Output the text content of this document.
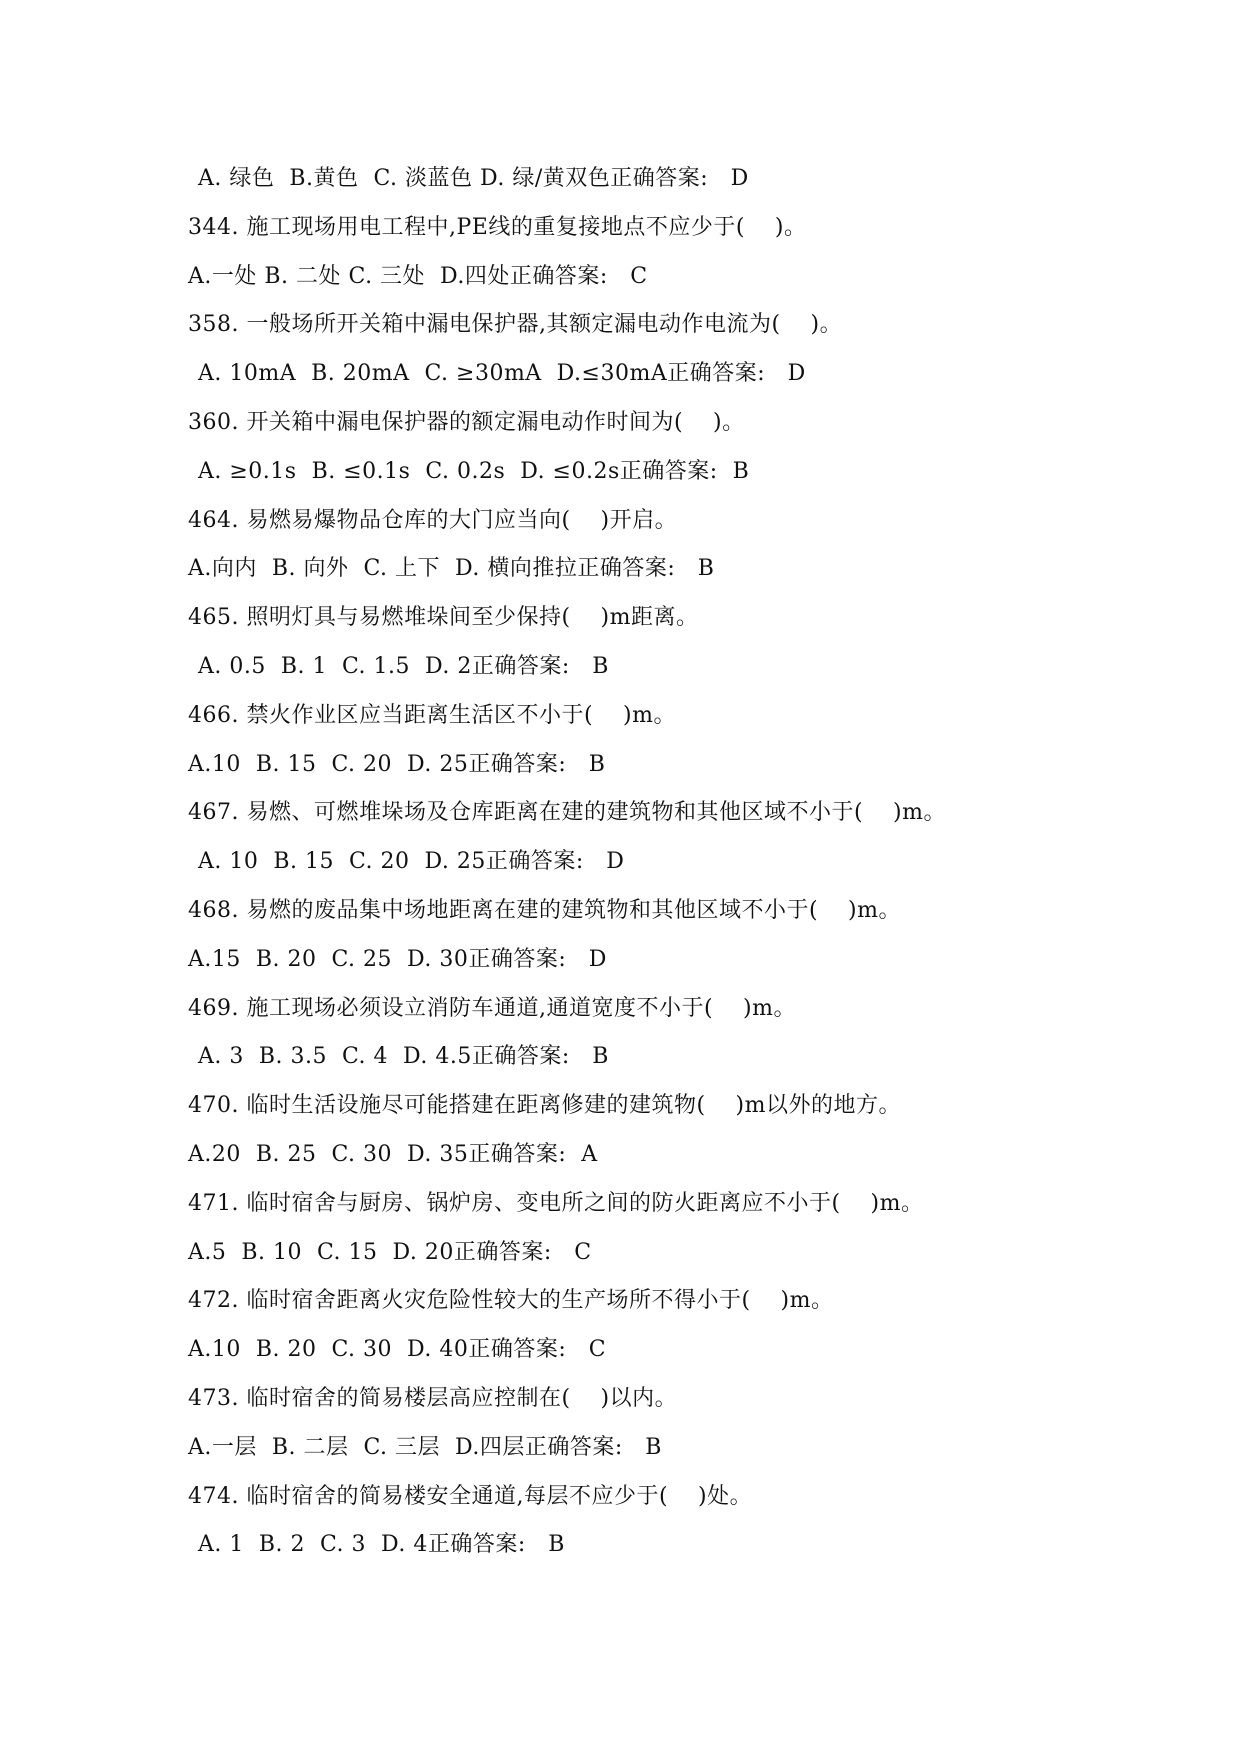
A. 绿色  B.黄色  C. 淡蓝色 D. 绿/黄双色正确答案:   D
344. 施工现场用电工程中,PE线的重复接地点不应少于(    )。
A.一处 B. 二处 C. 三处  D.四处正确答案:   C
358. 一般场所开关箱中漏电保护器,其额定漏电动作电流为(    )。
A. 10mA  B. 20mA  C. ≥30mA  D.≤30mA正确答案:   D
360. 开关箱中漏电保护器的额定漏电动作时间为(    )。
A. ≥0.1s  B. ≤0.1s  C. 0.2s  D. ≤0.2s正确答案:  B
464. 易燃易爆物品仓库的大门应当向(    )开启。
A.向内  B. 向外  C. 上下  D. 横向推拉正确答案:   B
465. 照明灯具与易燃堆垛间至少保持(    )m距离。
A. 0.5  B. 1  C. 1.5  D. 2正确答案:   B
466. 禁火作业区应当距离生活区不小于(    )m。
A.10  B. 15  C. 20  D. 25正确答案:   B
467. 易燃、可燃堆垛场及仓库距离在建的建筑物和其他区域不小于(    )m。
A. 10  B. 15  C. 20  D. 25正确答案:   D
468. 易燃的废品集中场地距离在建的建筑物和其他区域不小于(    )m。
A.15  B. 20  C. 25  D. 30正确答案:   D
469. 施工现场必须设立消防车通道,通道宽度不小于(    )m。
A. 3  B. 3.5  C. 4  D. 4.5正确答案:   B
470. 临时生活设施尽可能搭建在距离修建的建筑物(    )m以外的地方。
A.20  B. 25  C. 30  D. 35正确答案:  A
471. 临时宿舍与厨房、锅炉房、变电所之间的防火距离应不小于(    )m。
A.5  B. 10  C. 15  D. 20正确答案:   C
472. 临时宿舍距离火灾危险性较大的生产场所不得小于(    )m。
A.10  B. 20  C. 30  D. 40正确答案:   C
473. 临时宿舍的简易楼层高应控制在(    )以内。
A.一层  B. 二层  C. 三层  D.四层正确答案:   B
474. 临时宿舍的简易楼安全通道,每层不应少于(    )处。
A. 1  B. 2  C. 3  D. 4正确答案:   B
